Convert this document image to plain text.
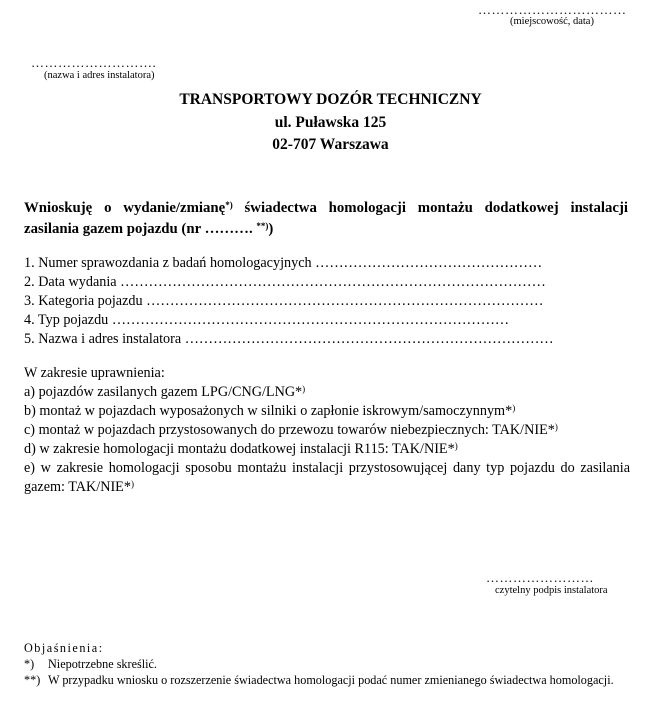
……………………………
(miejscowość, data)
……………………….
(nazwa i adres instalatora)
TRANSPORTOWY DOZÓR TECHNICZNY
ul. Puławska 125
02-707 Warszawa
Wnioskuję o wydanie/zmianę*) świadectwa homologacji montażu dodatkowej instalacji zasilania gazem pojazdu (nr ………. **))
1. Numer sprawozdania z badań homologacyjnych …………………………………………
2. Data wydania ………………………………………………………………………………
3. Kategoria pojazdu …………………………………………………………………………
4. Typ pojazdu …………………………………………………………………………
5. Nazwa i adres instalatora ……………………………………………………………………
W zakresie uprawnienia:
a) pojazdów zasilanych gazem LPG/CNG/LNG*)
b) montaż w pojazdach wyposażonych w silniki o zapłonie iskrowym/samoczynnym*)
c) montaż w pojazdach przystosowanych do przewozu towarów niebezpiecznych: TAK/NIE*)
d) w zakresie homologacji montażu dodatkowej instalacji R115: TAK/NIE*)
e) w zakresie homologacji sposobu montażu instalacji przystosowującej dany typ pojazdu do zasilania gazem: TAK/NIE*)
……………………
czytelny podpis instalatora
Objaśnienia:
*)	Niepotrzebne skreślić.
**) W przypadku wniosku o rozszerzenie świadectwa homologacji podać numer zmienianego świadectwa homologacji.
